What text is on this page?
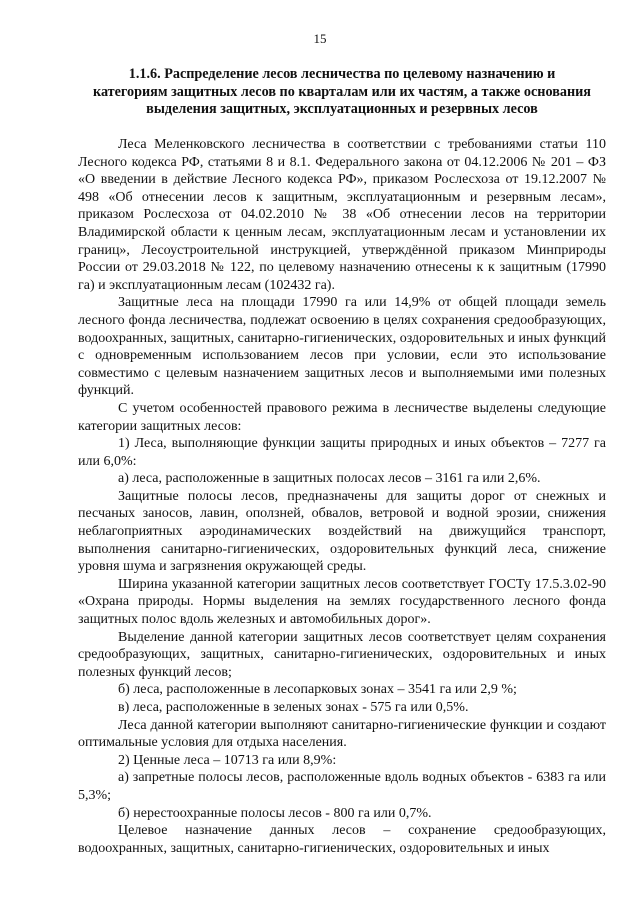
15
1.1.6. Распределение лесов лесничества по целевому назначению и
категориям защитных лесов по кварталам или их частям, а также основания
выделения защитных, эксплуатационных и резервных лесов

Леса Меленковского лесничества в соответствии с требованиями статьи 110 Лесного кодекса РФ, статьями 8 и 8.1. Федерального закона от 04.12.2006 № 201 – ФЗ «О введении в действие Лесного кодекса РФ», приказом Рослесхоза от 19.12.2007 № 498 «Об отнесении лесов к защитным, эксплуатационным и резервным лесам», приказом Рослесхоза от 04.02.2010 № 38 «Об отнесении лесов на территории Владимирской области к ценным лесам, эксплуатационным лесам и установлении их границ», Лесоустроительной инструкцией, утверждённой приказом Минприроды России от 29.03.2018 № 122, по целевому назначению отнесены к к защитным (17990 га) и эксплуатационным лесам (102432 га).

Защитные леса на площади 17990 га или 14,9% от общей площади земель лесного фонда лесничества, подлежат освоению в целях сохранения средообразующих, водоохранных, защитных, санитарно-гигиенических, оздоровительных и иных функций с одновременным использованием лесов при условии, если это использование совместимо с целевым назначением защитных лесов и выполняемыми ими полезных функций.

С учетом особенностей правового режима в лесничестве выделены следующие категории защитных лесов:

1) Леса, выполняющие функции защиты природных и иных объектов – 7277 га или 6,0%:

а) леса, расположенные в защитных полосах лесов – 3161 га или 2,6%.

Защитные полосы лесов, предназначены для защиты дорог от снежных и песчаных заносов, лавин, оползней, обвалов, ветровой и водной эрозии, снижения неблагоприятных аэродинамических воздействий на движущийся транспорт, выполнения санитарно-гигиенических, оздоровительных функций леса, снижение уровня шума и загрязнения окружающей среды.

Ширина указанной категории защитных лесов соответствует ГОСТу 17.5.3.02-90 «Охрана природы. Нормы выделения на землях государственного лесного фонда защитных полос вдоль железных и автомобильных дорог».

Выделение данной категории защитных лесов соответствует целям сохранения средообразующих, защитных, санитарно-гигиенических, оздоровительных и иных полезных функций лесов;

б) леса, расположенные в лесопарковых зонах – 3541 га или 2,9 %;

в) леса, расположенные в зеленых зонах - 575 га или 0,5%.

Леса данной категории выполняют санитарно-гигиенические функции и создают оптимальные условия для отдыха населения.

2) Ценные леса – 10713 га или 8,9%:

а) запретные полосы лесов, расположенные вдоль водных объектов - 6383 га или 5,3%;

б) нерестоохранные полосы лесов - 800 га или 0,7%.

Целевое назначение данных лесов – сохранение средообразующих, водоохранных, защитных, санитарно-гигиенических, оздоровительных и иных
